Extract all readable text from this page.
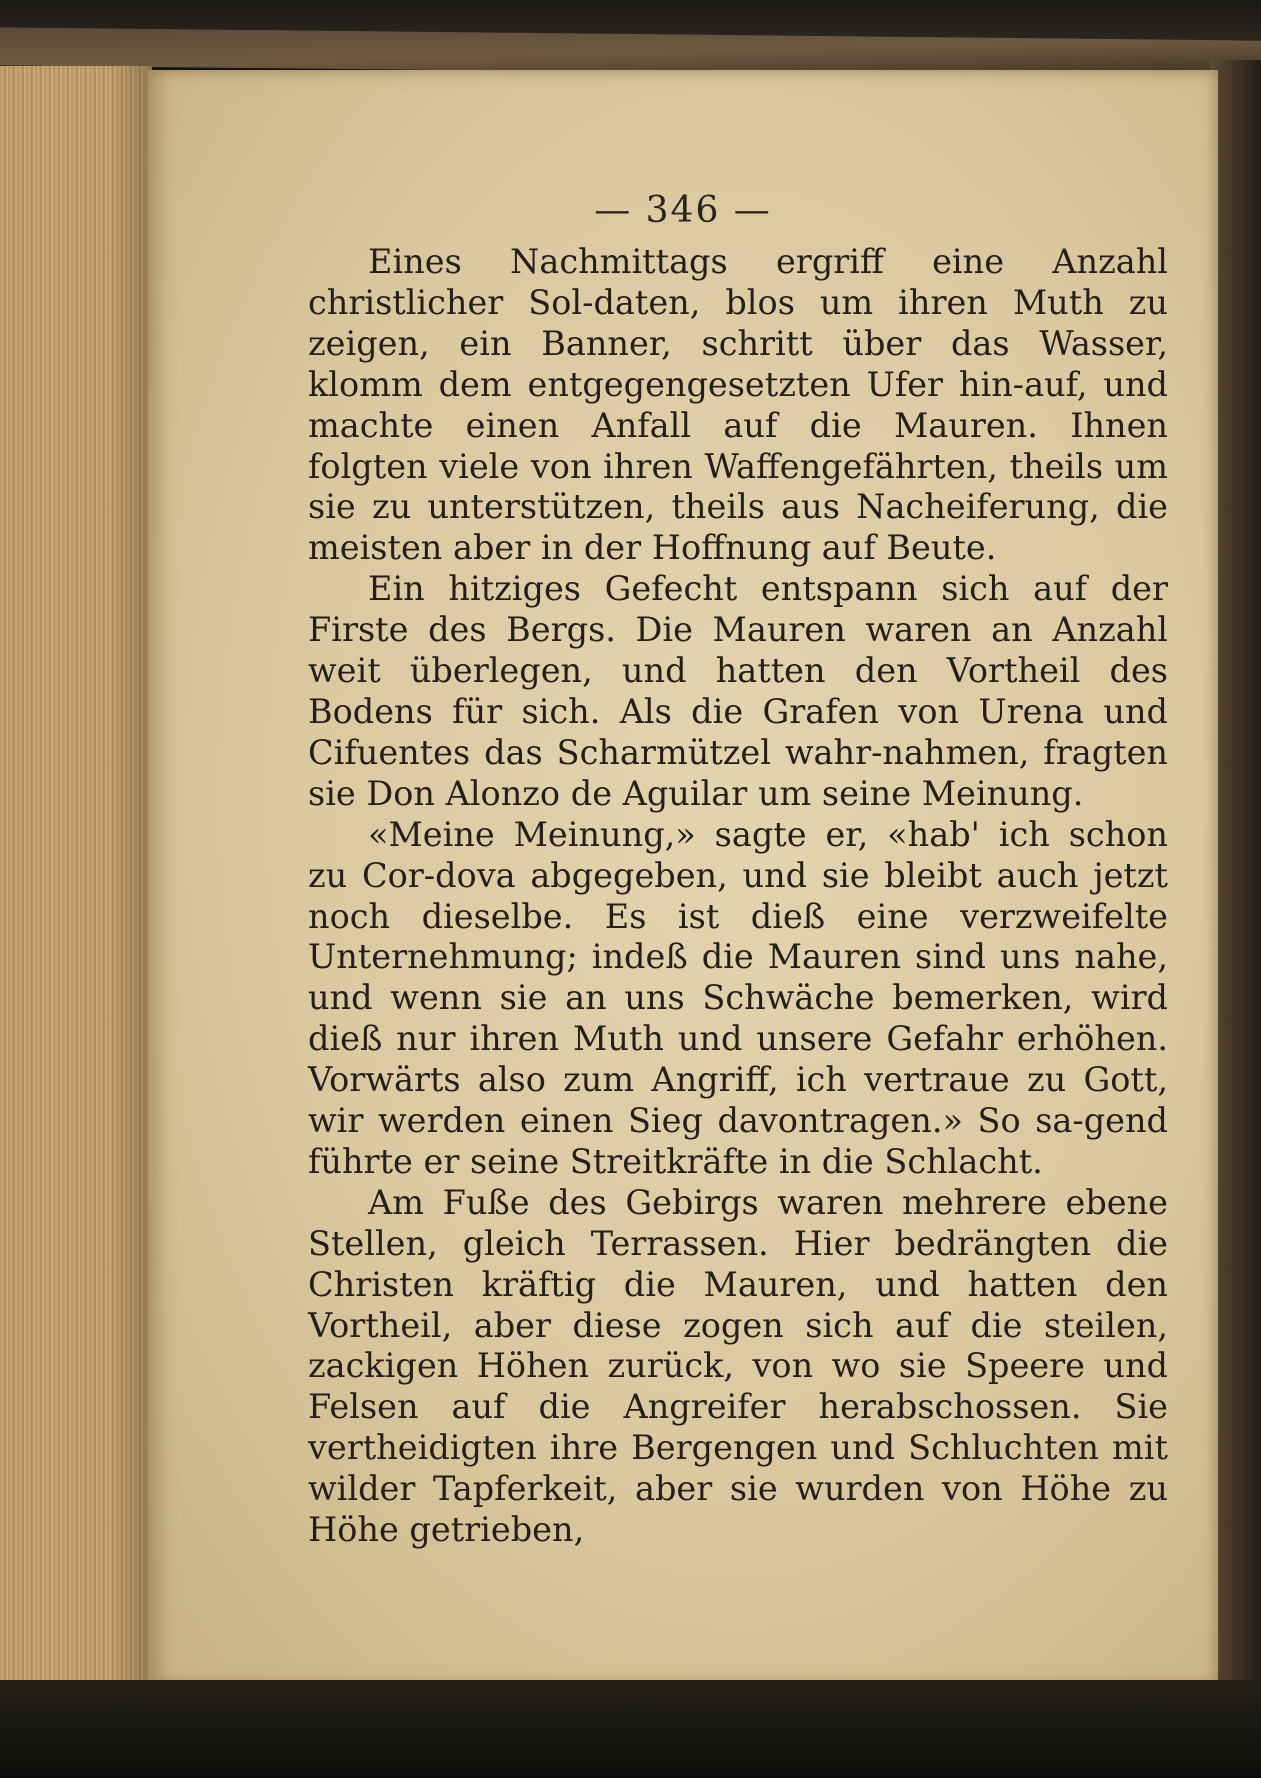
— 346 —

Eines Nachmittags ergriff eine Anzahl christlicher Sol-daten, blos um ihren Muth zu zeigen, ein Banner, schritt über das Wasser, klomm dem entgegengesetzten Ufer hin-auf, und machte einen Anfall auf die Mauren. Ihnen folgten viele von ihren Waffengefährten, theils um sie zu unterstützen, theils aus Nacheiferung, die meisten aber in der Hoffnung auf Beute.

Ein hitziges Gefecht entspann sich auf der Firste des Bergs. Die Mauren waren an Anzahl weit überlegen, und hatten den Vortheil des Bodens für sich. Als die Grafen von Urena und Cifuentes das Scharmützel wahr-nahmen, fragten sie Don Alonzo de Aguilar um seine Meinung.

«Meine Meinung,» sagte er, «hab' ich schon zu Cor-dova abgegeben, und sie bleibt auch jetzt noch dieselbe. Es ist dieß eine verzweifelte Unternehmung; indeß die Mauren sind uns nahe, und wenn sie an uns Schwäche bemerken, wird dieß nur ihren Muth und unsere Gefahr erhöhen. Vorwärts also zum Angriff, ich vertraue zu Gott, wir werden einen Sieg davontragen.» So sa-gend führte er seine Streitkräfte in die Schlacht.

Am Fuße des Gebirgs waren mehrere ebene Stellen, gleich Terrassen. Hier bedrängten die Christen kräftig die Mauren, und hatten den Vortheil, aber diese zogen sich auf die steilen, zackigen Höhen zurück, von wo sie Speere und Felsen auf die Angreifer herabschossen. Sie vertheidigten ihre Bergengen und Schluchten mit wilder Tapferkeit, aber sie wurden von Höhe zu Höhe getrieben,
